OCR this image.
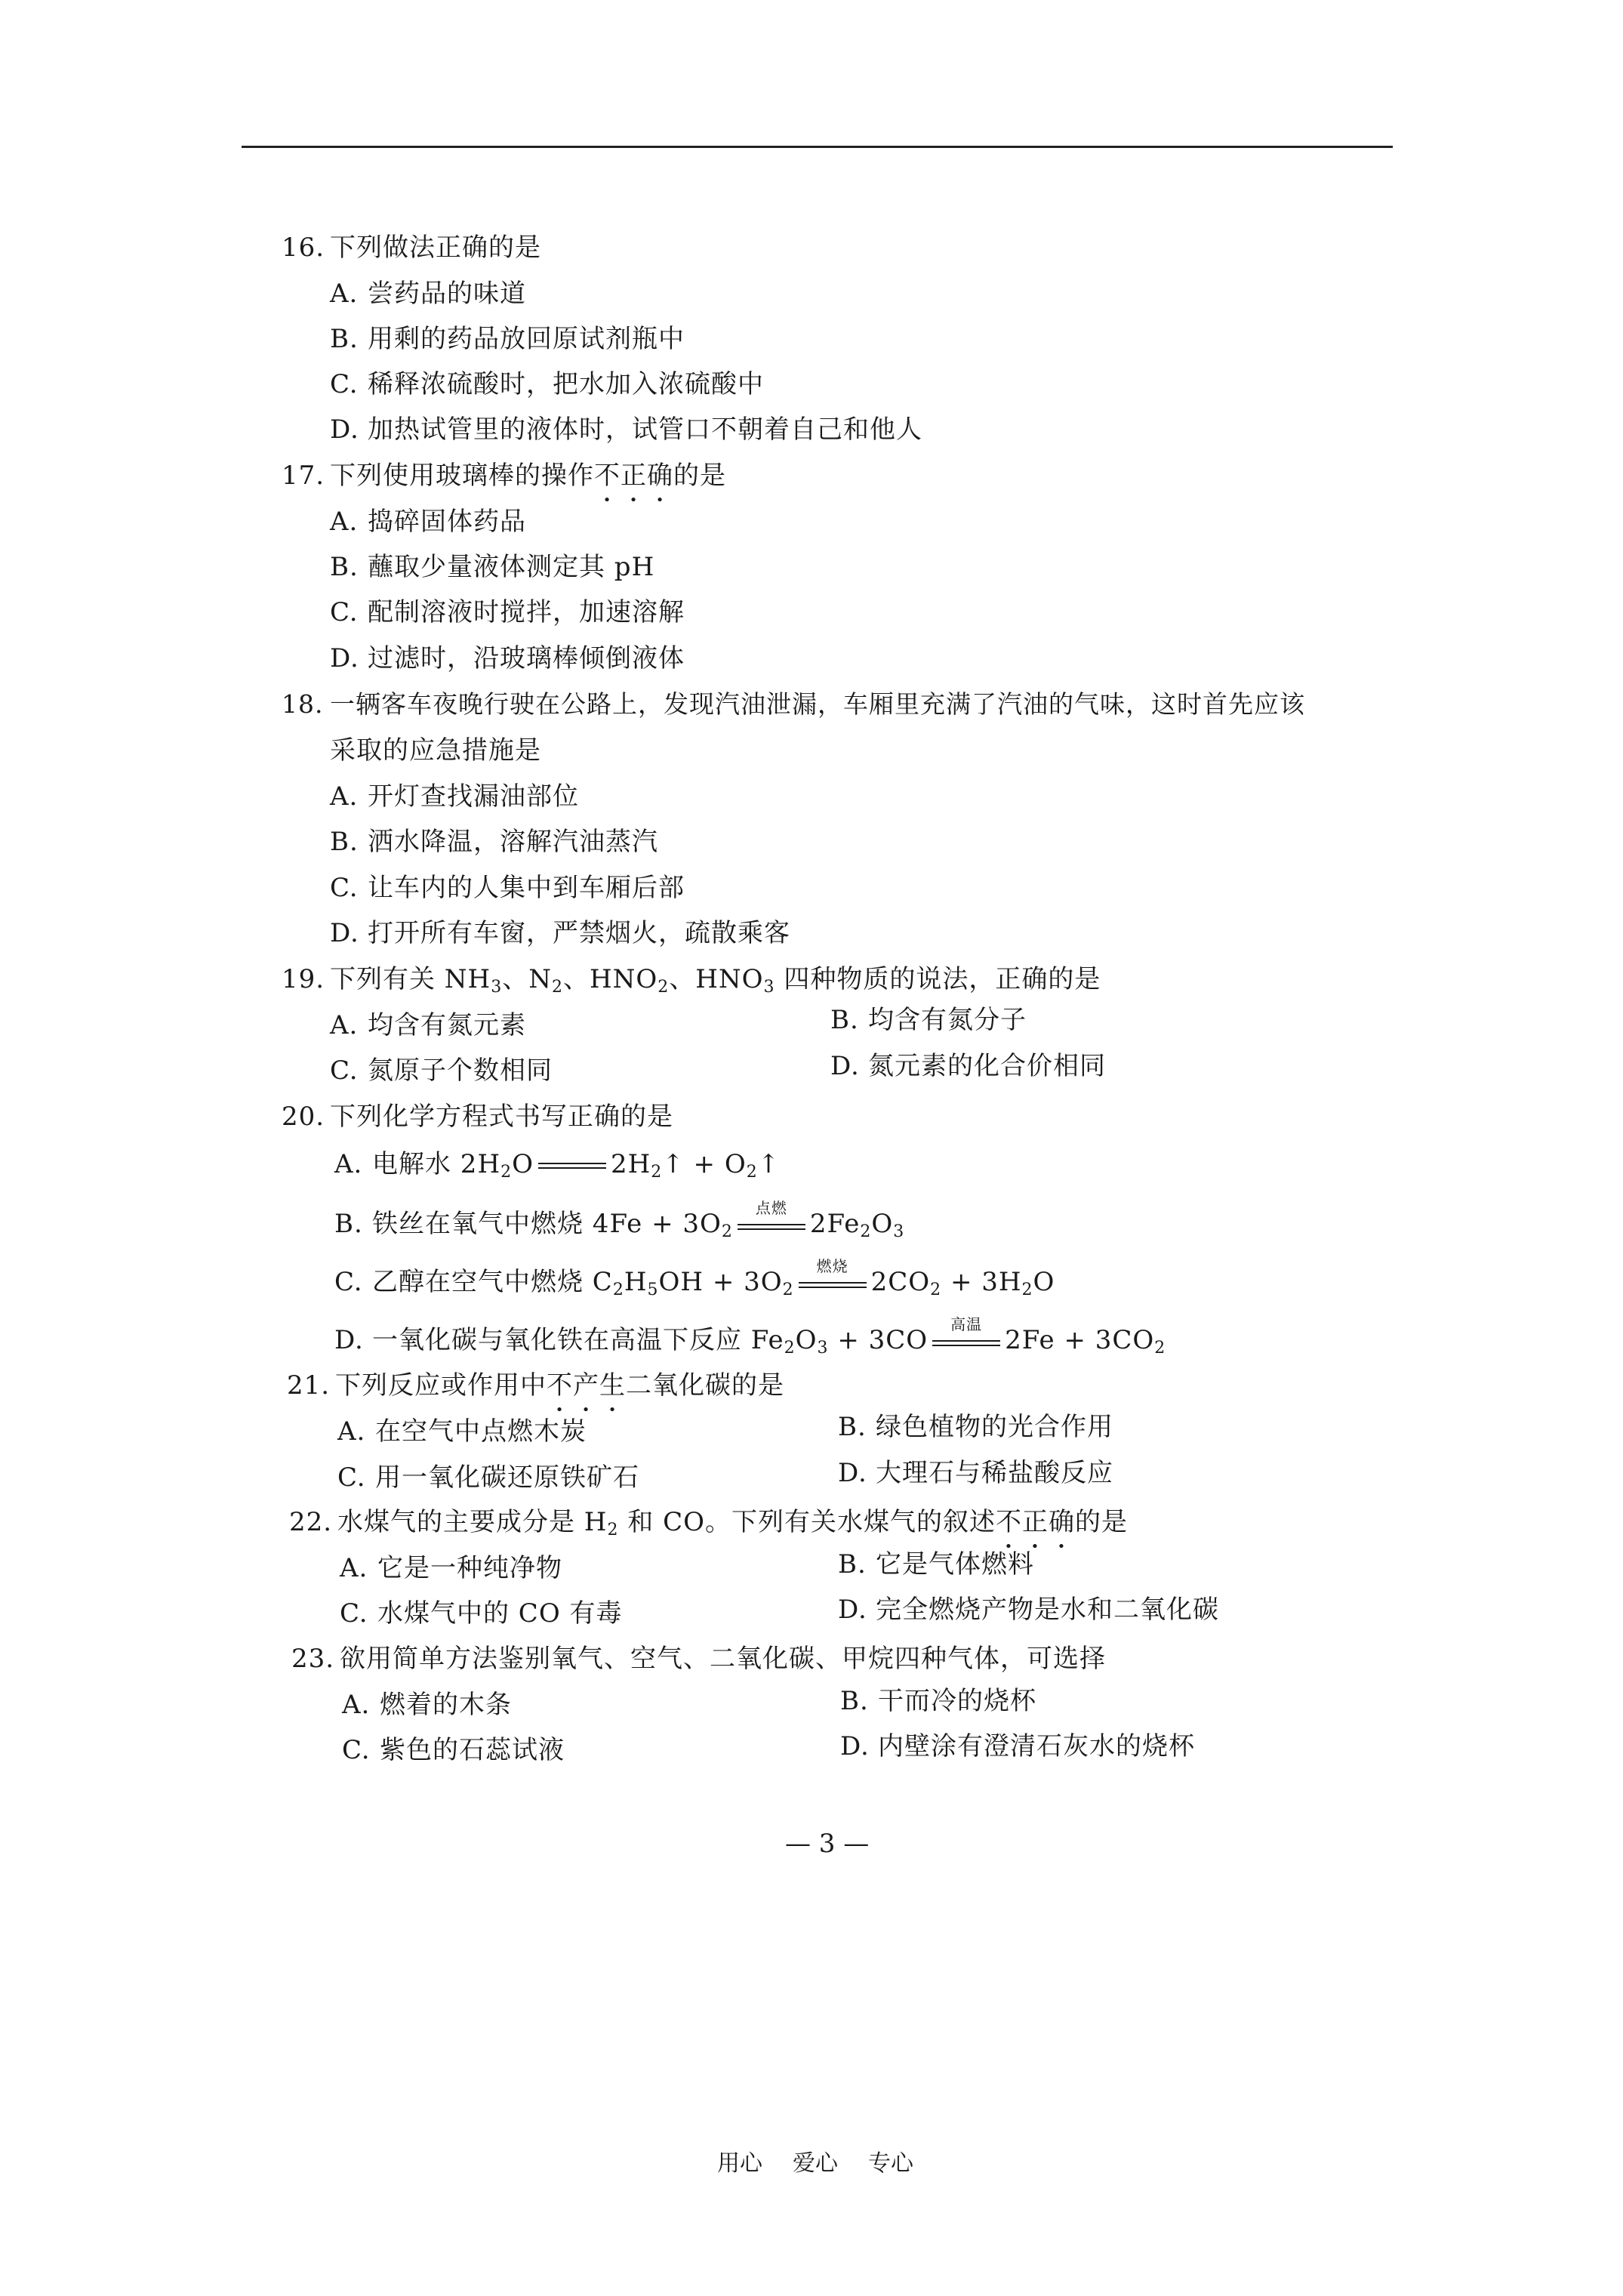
16. 下列做法正确的是
A. 尝药品的味道
B. 用剩的药品放回原试剂瓶中
C. 稀释浓硫酸时，把水加入浓硫酸中
D. 加热试管里的液体时，试管口不朝着自己和他人
17. 下列使用玻璃棒的操作不正确的是
A. 捣碎固体药品
B. 蘸取少量液体测定其 pH
C. 配制溶液时搅拌，加速溶解
D. 过滤时，沿玻璃棒倾倒液体
18. 一辆客车夜晚行驶在公路上，发现汽油泄漏，车厢里充满了汽油的气味，这时首先应该
采取的应急措施是
A. 开灯查找漏油部位
B. 洒水降温，溶解汽油蒸汽
C. 让车内的人集中到车厢后部
D. 打开所有车窗，严禁烟火，疏散乘客
19. 下列有关 $NH_3$、$N_2$、$HNO_2$、$HNO_3$ 四种物质的说法，正确的是
A. 均含有氮元素	B. 均含有氮分子
C. 氮原子个数相同	D. 氮元素的化合价相同
20. 下列化学方程式书写正确的是
A. 电解水 $2H_2O$	$2H_2↑$ + $O_2↑$
B. 铁丝在氧气中燃烧 $4Fe + 3O_2$
点燃
$2Fe_2O_3$
C. 乙醇在空气中燃烧 $C_2H_5OH + 3O_2$
燃烧
$2CO_2 + 3H_2O$
D. 一氧化碳与氧化铁在高温下反应 $Fe_2O_3 + 3CO$
高温
$2Fe + 3CO_2$
21. 下列反应或作用中不产生二氧化碳的是
A. 在空气中点燃木炭	B. 绿色植物的光合作用
C. 用一氧化碳还原铁矿石	D. 大理石与稀盐酸反应
22. 水煤气的主要成分是 $H_2$ 和 CO。下列有关水煤气的叙述不正确的是
A. 它是一种纯净物	B. 它是气体燃料
C. 水煤气中的 CO 有毒	D. 完全燃烧产物是水和二氧化碳
23. 欲用简单方法鉴别氧气、空气、二氧化碳、甲烷四种气体，可选择
A. 燃着的木条	B. 干而冷的烧杯
C. 紫色的石蕊试液	D. 内壁涂有澄清石灰水的烧杯
— 3 —
用心 爱心 专心
